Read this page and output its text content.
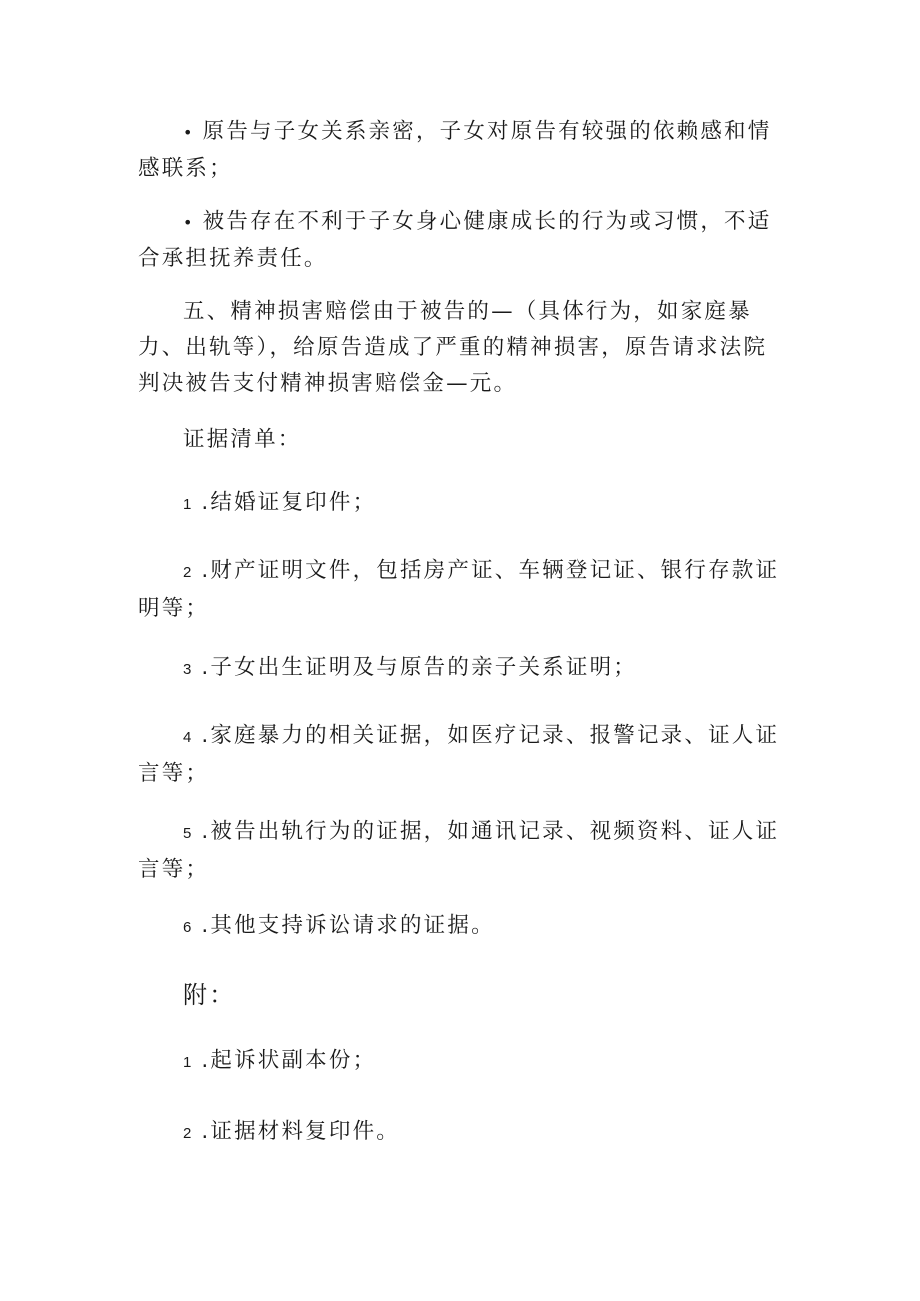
• 原告与子女关系亲密，子女对原告有较强的依赖感和情感联系；

• 被告存在不利于子女身心健康成长的行为或习惯，不适合承担抚养责任。

五、精神损害赔偿由于被告的—（具体行为，如家庭暴力、出轨等），给原告造成了严重的精神损害，原告请求法院判决被告支付精神损害赔偿金—元。

证据清单：

1 .结婚证复印件；

2 .财产证明文件，包括房产证、车辆登记证、银行存款证明等；

3 .子女出生证明及与原告的亲子关系证明；

4 .家庭暴力的相关证据，如医疗记录、报警记录、证人证言等；

5 .被告出轨行为的证据，如通讯记录、视频资料、证人证言等；

6 .其他支持诉讼请求的证据。

附：

1 .起诉状副本份；

2 .证据材料复印件。
